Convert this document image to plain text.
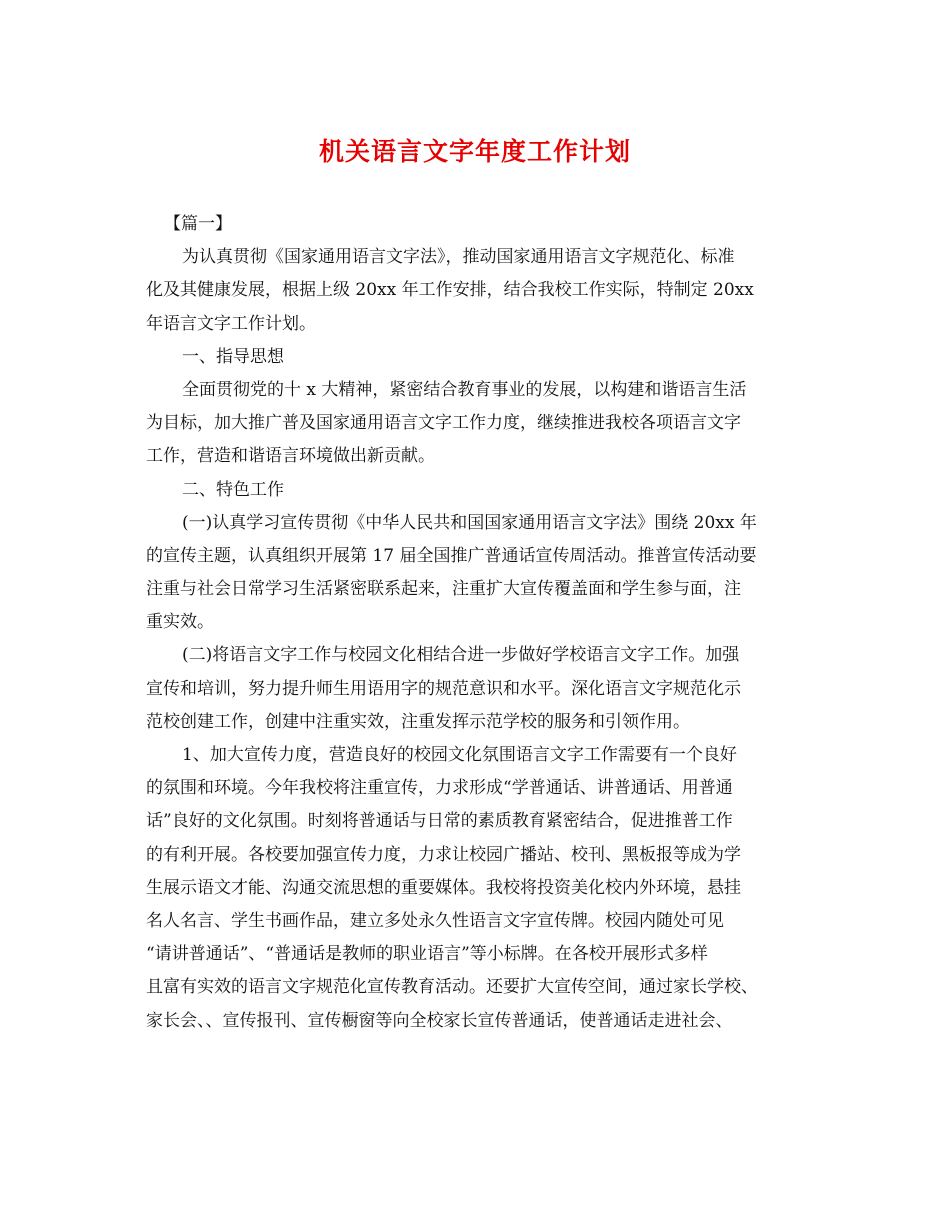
机关语言文字年度工作计划
【篇一】
为认真贯彻《国家通用语言文字法》，推动国家通用语言文字规范化、标准
化及其健康发展，根据上级 20xx 年工作安排，结合我校工作实际，特制定 20xx
年语言文字工作计划。
一、指导思想
全面贯彻党的十 x 大精神，紧密结合教育事业的发展，以构建和谐语言生活
为目标，加大推广普及国家通用语言文字工作力度，继续推进我校各项语言文字
工作，营造和谐语言环境做出新贡献。
二、特色工作
(一)认真学习宣传贯彻《中华人民共和国国家通用语言文字法》围绕 20xx 年
的宣传主题，认真组织开展第 17 届全国推广普通话宣传周活动。推普宣传活动要
注重与社会日常学习生活紧密联系起来，注重扩大宣传覆盖面和学生参与面，注
重实效。
(二)将语言文字工作与校园文化相结合进一步做好学校语言文字工作。加强
宣传和培训，努力提升师生用语用字的规范意识和水平。深化语言文字规范化示
范校创建工作，创建中注重实效，注重发挥示范学校的服务和引领作用。
1、加大宣传力度，营造良好的校园文化氛围语言文字工作需要有一个良好
的氛围和环境。今年我校将注重宣传，力求形成“学普通话、讲普通话、用普通
话”良好的文化氛围。时刻将普通话与日常的素质教育紧密结合，促进推普工作
的有利开展。各校要加强宣传力度，力求让校园广播站、校刊、黑板报等成为学
生展示语文才能、沟通交流思想的重要媒体。我校将投资美化校内外环境，悬挂
名人名言、学生书画作品，建立多处永久性语言文字宣传牌。校园内随处可见
“请讲普通话”、“普通话是教师的职业语言”等小标牌。在各校开展形式多样
且富有实效的语言文字规范化宣传教育活动。还要扩大宣传空间，通过家长学校、
家长会、、宣传报刊、宣传橱窗等向全校家长宣传普通话，使普通话走进社会、
